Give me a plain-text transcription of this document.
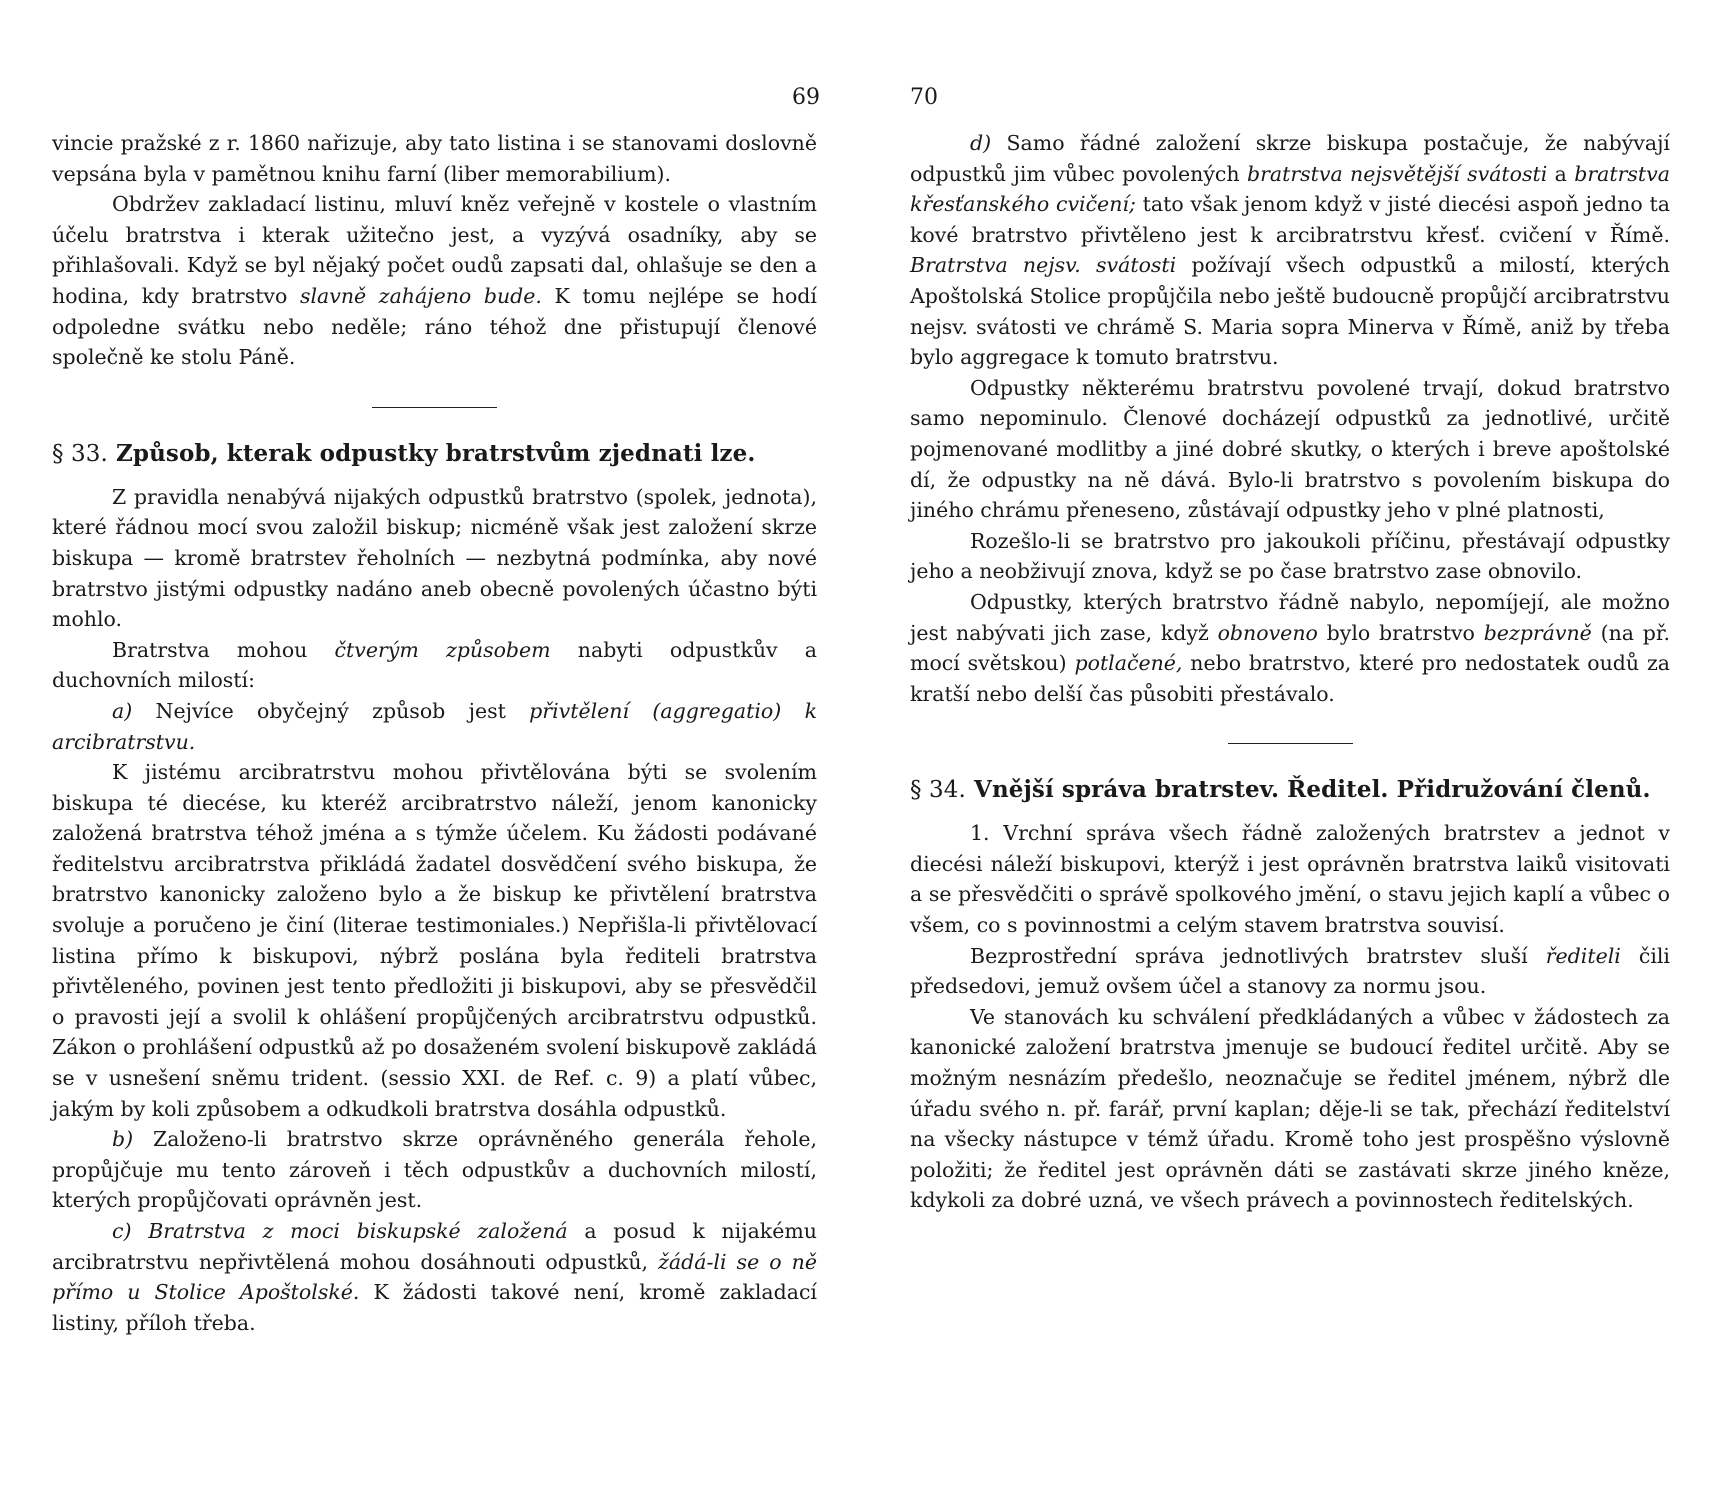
69

vincie pražské z r. 1860 nařizuje, aby tato listina i se stanovami doslovně vepsána byla v pamětnou knihu farní (liber memorabilium).

Obdržev zakladací listinu, mluví kněz veřejně v kostele o vlastním účelu bratrstva i kterak užitečno jest, a vyzývá osadníky, aby se přihlašovali. Když se byl nějaký počet oudů zapsati dal, ohlašuje se den a hodina, kdy bratrstvo slavně zahájeno bude. K tomu nejlépe se hodí odpoledne svátku nebo neděle; ráno téhož dne přistupují členové společně ke stolu Páně.

§ 33. Způsob, kterak odpustky bratrstvům zjednati lze.

Z pravidla nenabývá nijakých odpustků bratrstvo (spolek, jednota), které řádnou mocí svou založil biskup; nicméně však jest založení skrze biskupa — kromě bratrstev řeholních — nezbytná podmínka, aby nové bratrstvo jistými odpustky nadáno aneb obecně povolených účastno býti mohlo.

Bratrstva mohou čtverým způsobem nabyti odpustkův a duchovních milostí:

a) Nejvíce obyčejný způsob jest přivtělení (aggregatio) k arcibratrstvu.

K jistému arcibratrstvu mohou přivtělována býti se svolením biskupa té diecése, ku kteréž arcibratrstvo náleží, jenom kanonicky založená bratrstva téhož jména a s týmže účelem. Ku žádosti podávané ředitelstvu arcibratrstva přikládá žadatel dosvědčení svého biskupa, že bratrstvo kanonicky založeno bylo a že biskup ke přivtělení bratrstva svoluje a poručeno je činí (literae testimoniales.) Nepřišla-li přivtělovací listina přímo k biskupovi, nýbrž poslána byla řediteli bratrstva přivtěleného, povinen jest tento předložiti ji biskupovi, aby se přesvědčil o pravosti její a svolil k ohlášení propůjčených arcibratrstvu odpustků. Zákon o prohlášení odpustků až po dosaženém svolení biskupově zakládá se v usnešení sněmu trident. (sessio XXI. de Ref. c. 9) a platí vůbec, jakým by koli způsobem a odkudkoli bratrstva dosáhla odpustků.

b) Založeno-li bratrstvo skrze oprávněného generála řehole, propůjčuje mu tento zároveň i těch odpustkův a duchovních milostí, kterých propůjčovati oprávněn jest.

c) Bratrstva z moci biskupské založená a posud k nijakému arcibratrstvu nepřivtělená mohou dosáhnouti odpustků, žádá-li se o ně přímo u Stolice Apoštolské. K žádosti takové není, kromě zakladací listiny, příloh třeba.

70

d) Samo řádné založení skrze biskupa postačuje, že nabývají odpustků jim vůbec povolených bratrstva nejsvětější svátosti a bratrstva křesťanského cvičení; tato však jenom když v jisté diecési aspoň jedno ta kové bratrstvo přivtěleno jest k arcibratrstvu křesť. cvičení v Římě. Bratrstva nejsv. svátosti požívají všech odpustků a milostí, kterých Apoštolská Stolice propůjčila nebo ještě budoucně propůjčí arcibratrstvu nejsv. svátosti ve chrámě S. Maria sopra Minerva v Římě, aniž by třeba bylo aggregace k tomuto bratrstvu.

Odpustky některému bratrstvu povolené trvají, dokud bratrstvo samo nepominulo. Členové docházejí odpustků za jednotlivé, určitě pojmenované modlitby a jiné dobré skutky, o kterých i breve apoštolské dí, že odpustky na ně dává. Bylo-li bratrstvo s povolením biskupa do jiného chrámu přeneseno, zůstávají odpustky jeho v plné platnosti,

Rozešlo-li se bratrstvo pro jakoukoli příčinu, přestávají odpustky jeho a neobživují znova, když se po čase bratrstvo zase obnovilo.

Odpustky, kterých bratrstvo řádně nabylo, nepomíjejí, ale možno jest nabývati jich zase, když obnoveno bylo bratrstvo bezprávně (na př. mocí světskou) potlačené, nebo bratrstvo, které pro nedostatek oudů za kratší nebo delší čas působiti přestávalo.

§ 34. Vnější správa bratrstev. Ředitel. Přidružování členů.

1. Vrchní správa všech řádně založených bratrstev a jednot v diecési náleží biskupovi, kterýž i jest oprávněn bratrstva laiků visitovati a se přesvědčiti o správě spolkového jmění, o stavu jejich kaplí a vůbec o všem, co s povinnostmi a celým stavem bratrstva souvisí.

Bezprostřední správa jednotlivých bratrstev sluší řediteli čili předsedovi, jemuž ovšem účel a stanovy za normu jsou.

Ve stanovách ku schválení předkládaných a vůbec v žádostech za kanonické založení bratrstva jmenuje se budoucí ředitel určitě. Aby se možným nesnázím předešlo, neoznačuje se ředitel jménem, nýbrž dle úřadu svého n. př. farář, první kaplan; děje-li se tak, přechází ředitelství na všecky nástupce v témž úřadu. Kromě toho jest prospěšno výslovně položiti; že ředitel jest oprávněn dáti se zastávati skrze jiného kněze, kdykoli za dobré uzná, ve všech právech a povinnostech ředitelských.
